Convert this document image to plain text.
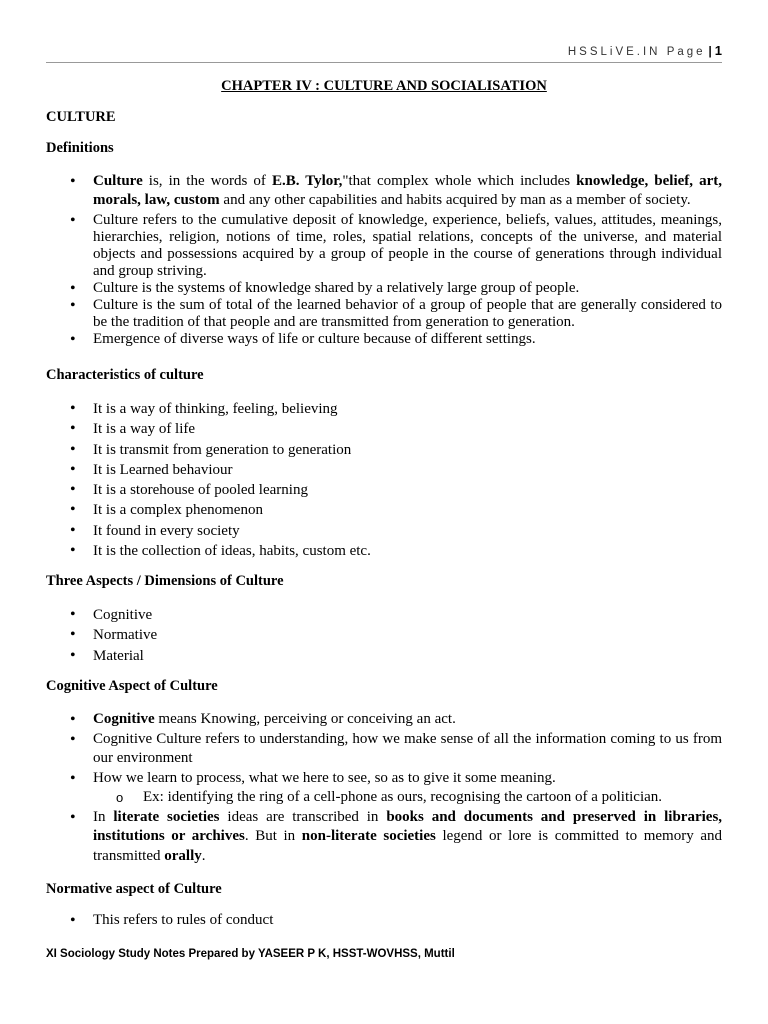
HSSLiVE.IN Page | 1
CHAPTER IV : CULTURE AND SOCIALISATION
CULTURE
Definitions
• Culture is, in the words of E.B. Tylor,"that complex whole which includes knowledge, belief, art, morals, law, custom and any other capabilities and habits acquired by man as a member of society.
• Culture refers to the cumulative deposit of knowledge, experience, beliefs, values, attitudes, meanings, hierarchies, religion, notions of time, roles, spatial relations, concepts of the universe, and material objects and possessions acquired by a group of people in the course of generations through individual and group striving.
• Culture is the systems of knowledge shared by a relatively large group of people.
• Culture is the sum of total of the learned behavior of a group of people that are generally considered to be the tradition of that people and are transmitted from generation to generation.
• Emergence of diverse ways of life or culture because of different settings.
Characteristics of culture
• It is a way of thinking, feeling, believing
• It is a way of life
• It is transmit from generation to generation
• It is Learned behaviour
• It is a storehouse of pooled learning
• It is a complex phenomenon
• It found in every society
• It is the collection of ideas, habits, custom etc.
Three Aspects / Dimensions of Culture
• Cognitive
• Normative
• Material
Cognitive Aspect of Culture
• Cognitive means Knowing, perceiving or conceiving an act.
• Cognitive Culture refers to understanding, how we make sense of all the information coming to us from our environment
• How we learn to process, what we here to see, so as to give it some meaning.
o Ex: identifying the ring of a cell-phone as ours, recognising the cartoon of a politician.
• In literate societies ideas are transcribed in books and documents and preserved in libraries, institutions or archives. But in non-literate societies legend or lore is committed to memory and transmitted orally.
Normative aspect of Culture
• This refers to rules of conduct
XI Sociology Study Notes Prepared by YASEER P K, HSST-WOVHSS, Muttil
